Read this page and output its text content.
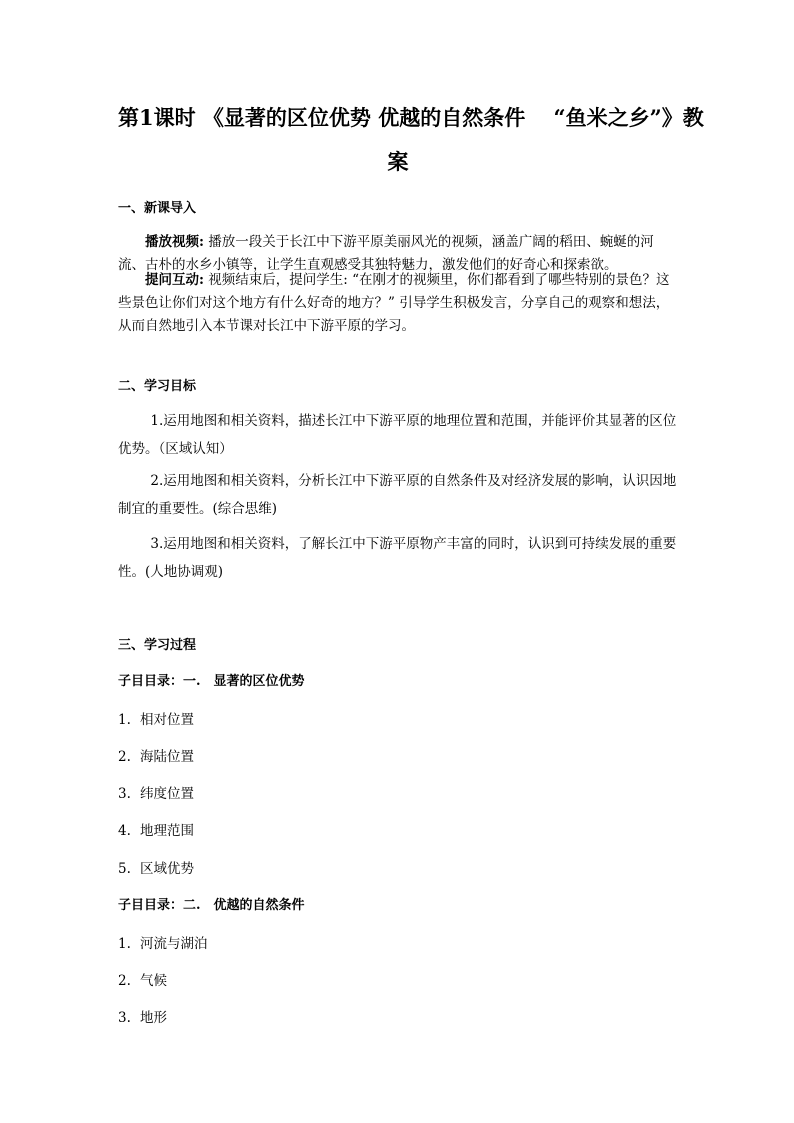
第1课时 《显著的区位优势 优越的自然条件　 “鱼米之乡”》教
案
一、新课导入

播放视频: 播放一段关于长江中下游平原美丽风光的视频，涵盖广阔的稻田、蜿蜒的河流、古朴的水乡小镇等，让学生直观感受其独特魅力，激发他们的好奇心和探索欲。

提问互动: 视频结束后，提问学生: “在刚才的视频里，你们都看到了哪些特别的景色？这些景色让你们对这个地方有什么好奇的地方？” 引导学生积极发言，分享自己的观察和想法，从而自然地引入本节课对长江中下游平原的学习。

二、学习目标

1.运用地图和相关资料，描述长江中下游平原的地理位置和范围，并能评价其显著的区位优势。（区域认知）

2.运用地图和相关资料，分析长江中下游平原的自然条件及对经济发展的影响，认识因地制宜的重要性。(综合思维)

3.运用地图和相关资料，了解长江中下游平原物产丰富的同时，认识到可持续发展的重要性。(人地协调观)

三、学习过程
子目目录：一.　显著的区位优势

1. 相对位置

2. 海陆位置

3. 纬度位置

4. 地理范围

5. 区域优势

子目目录：二.　优越的自然条件

1. 河流与湖泊

2. 气候

3. 地形
